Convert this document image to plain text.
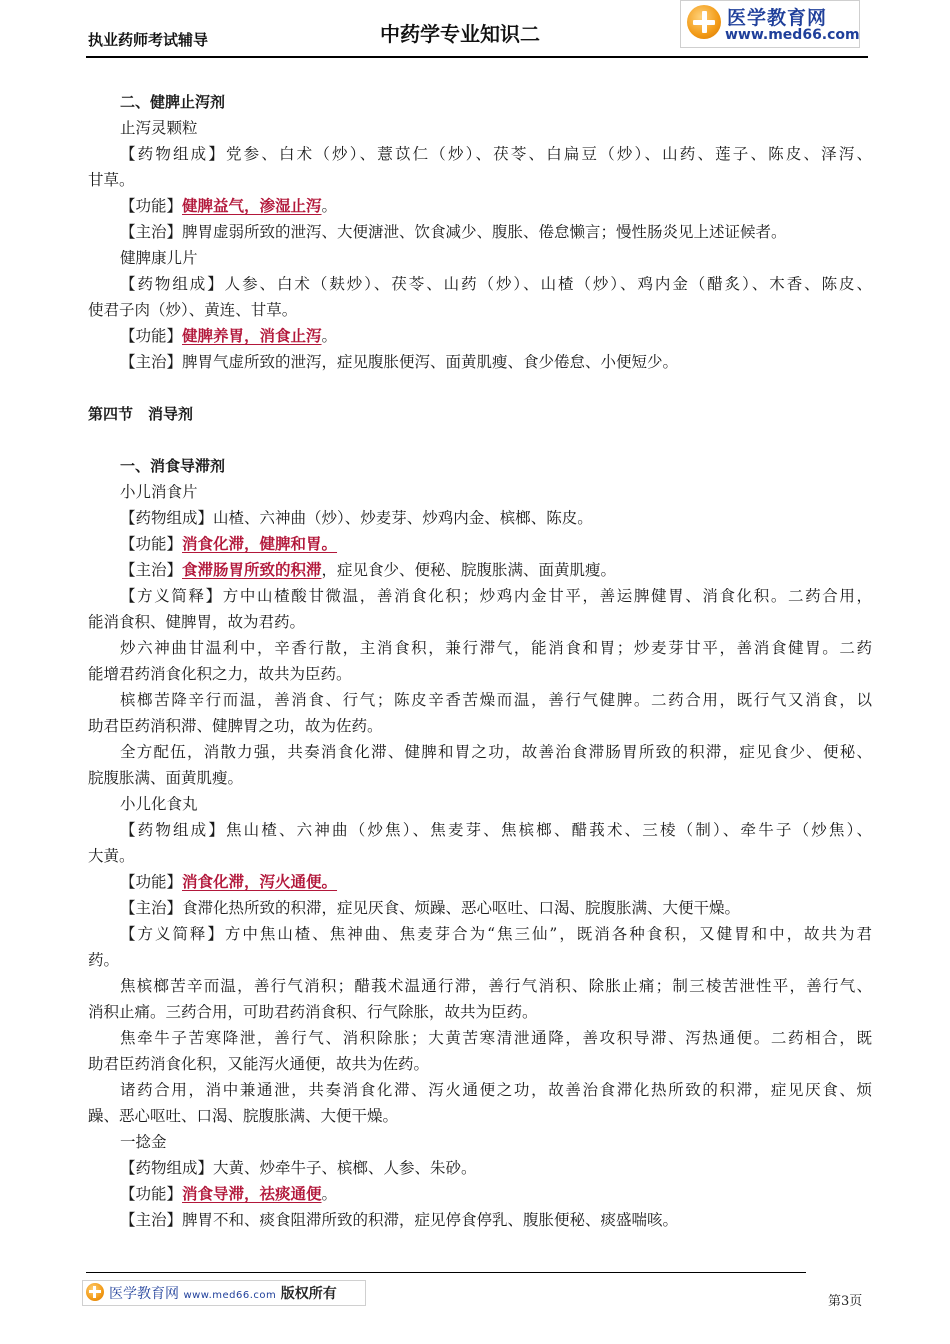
执业药师考试辅导	中药学专业知识二
医学教育网
www.med66.com
二、健脾止泻剂
止泻灵颗粒
【药物组成】党参、白术（炒）、薏苡仁（炒）、茯苓、白扁豆（炒）、山药、莲子、陈皮、泽泻、
甘草。
【功能】健脾益气，渗湿止泻。
【主治】脾胃虚弱所致的泄泻、大便溏泄、饮食减少、腹胀、倦怠懒言；慢性肠炎见上述证候者。
健脾康儿片
【药物组成】人参、白术（麸炒）、茯苓、山药（炒）、山楂（炒）、鸡内金（醋炙）、木香、陈皮、
使君子肉（炒）、黄连、甘草。
【功能】健脾养胃，消食止泻。
【主治】脾胃气虚所致的泄泻，症见腹胀便泻、面黄肌瘦、食少倦怠、小便短少。
第四节　消导剂
一、消食导滞剂
小儿消食片
【药物组成】山楂、六神曲（炒）、炒麦芽、炒鸡内金、槟榔、陈皮。
【功能】消食化滞，健脾和胃。
【主治】食滞肠胃所致的积滞，症见食少、便秘、脘腹胀满、面黄肌瘦。
【方义简释】方中山楂酸甘微温，善消食化积；炒鸡内金甘平，善运脾健胃、消食化积。二药合用，
能消食积、健脾胃，故为君药。
炒六神曲甘温利中，辛香行散，主消食积，兼行滞气，能消食和胃；炒麦芽甘平，善消食健胃。二药
能增君药消食化积之力，故共为臣药。
槟榔苦降辛行而温，善消食、行气；陈皮辛香苦燥而温，善行气健脾。二药合用，既行气又消食，以
助君臣药消积滞、健脾胃之功，故为佐药。
全方配伍，消散力强，共奏消食化滞、健脾和胃之功，故善治食滞肠胃所致的积滞，症见食少、便秘、
脘腹胀满、面黄肌瘦。
小儿化食丸
【药物组成】焦山楂、六神曲（炒焦）、焦麦芽、焦槟榔、醋莪术、三棱（制）、牵牛子（炒焦）、
大黄。
【功能】消食化滞，泻火通便。
【主治】食滞化热所致的积滞，症见厌食、烦躁、恶心呕吐、口渴、脘腹胀满、大便干燥。
【方义简释】方中焦山楂、焦神曲、焦麦芽合为“焦三仙”，既消各种食积，又健胃和中，故共为君
药。
焦槟榔苦辛而温，善行气消积；醋莪术温通行滞，善行气消积、除胀止痛；制三棱苦泄性平，善行气、
消积止痛。三药合用，可助君药消食积、行气除胀，故共为臣药。
焦牵牛子苦寒降泄，善行气、消积除胀；大黄苦寒清泄通降，善攻积导滞、泻热通便。二药相合，既
助君臣药消食化积，又能泻火通便，故共为佐药。
诸药合用，消中兼通泄，共奏消食化滞、泻火通便之功，故善治食滞化热所致的积滞，症见厌食、烦
躁、恶心呕吐、口渴、脘腹胀满、大便干燥。
一捻金
【药物组成】大黄、炒牵牛子、槟榔、人参、朱砂。
【功能】消食导滞，祛痰通便。
【主治】脾胃不和、痰食阻滞所致的积滞，症见停食停乳、腹胀便秘、痰盛喘咳。
医学教育网 www.med66.com 版权所有	第3页
